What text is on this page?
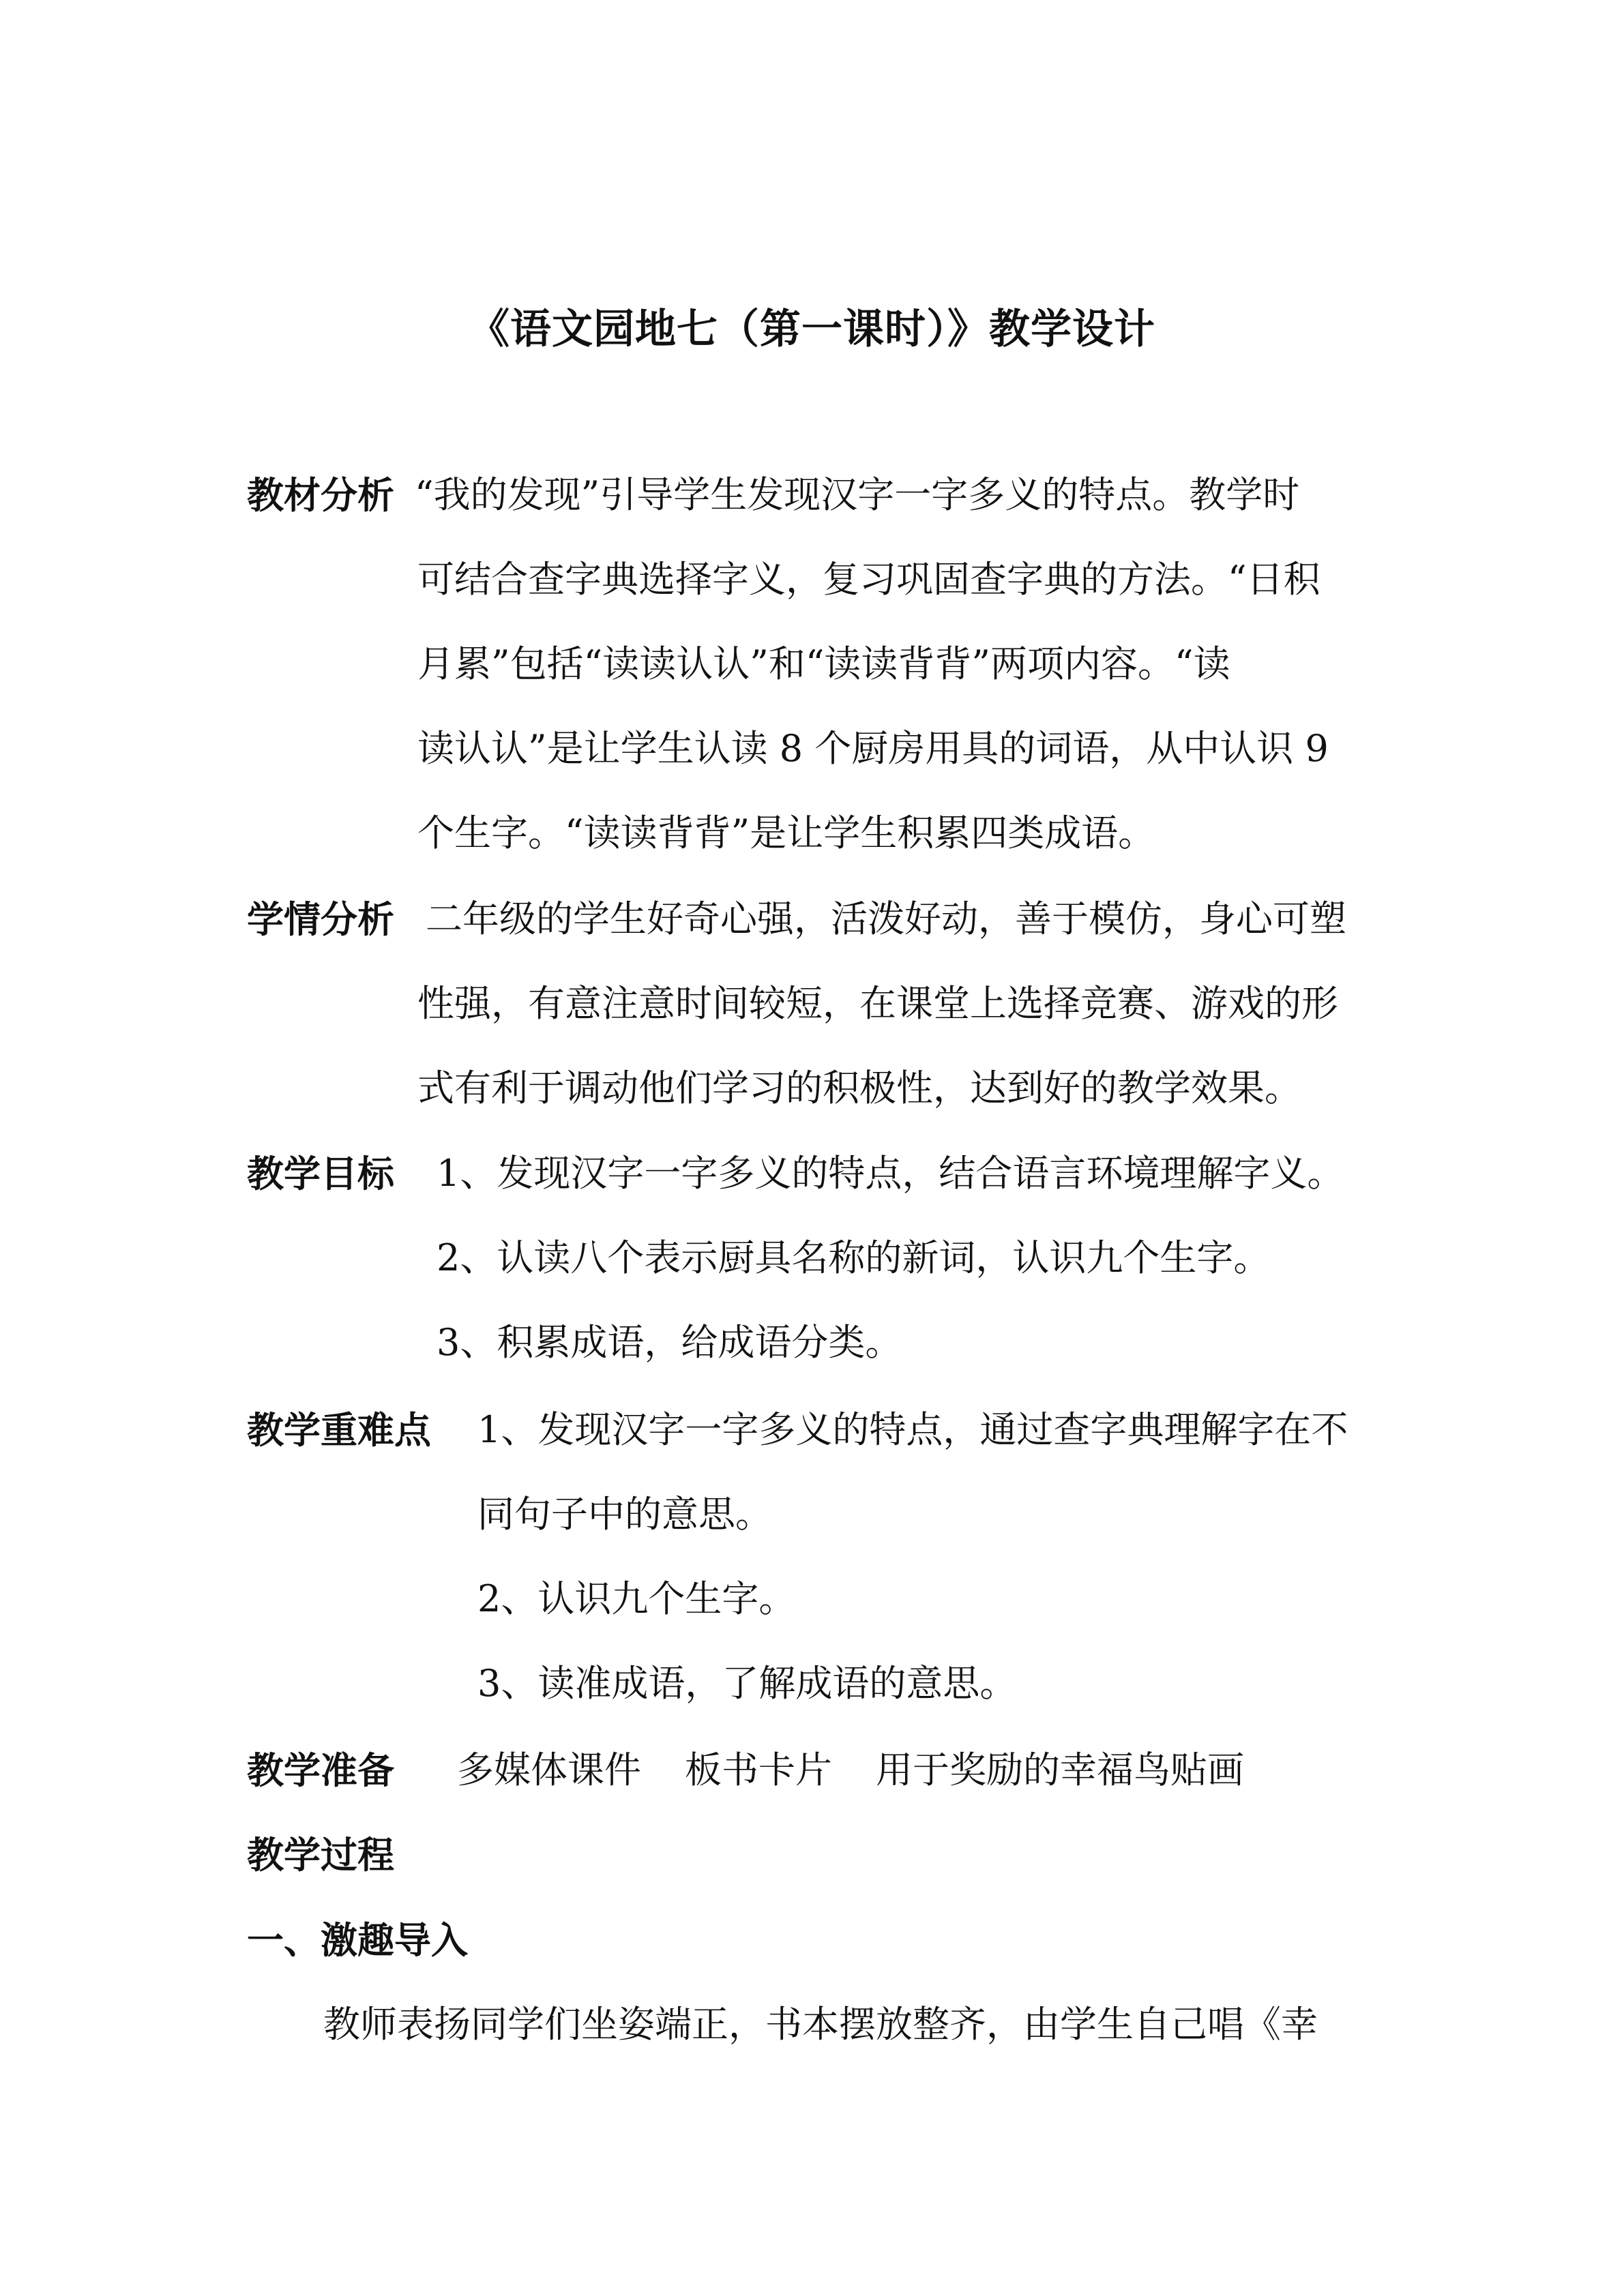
《语文园地七（第一课时）》教学设计
教材分析 “我的发现”引导学生发现汉字一字多义的特点。教学时
可结合查字典选择字义，复习巩固查字典的方法。“日积
月累”包括“读读认认”和“读读背背”两项内容。“读
读认认”是让学生认读 8 个厨房用具的词语，从中认识 9
个生字。“读读背背”是让学生积累四类成语。
学情分析 二年级的学生好奇心强，活泼好动，善于模仿，身心可塑
性强，有意注意时间较短，在课堂上选择竞赛、游戏的形
式有利于调动他们学习的积极性，达到好的教学效果。
教学目标 1、发现汉字一字多义的特点，结合语言环境理解字义。
2、认读八个表示厨具名称的新词，认识九个生字。
3、积累成语，给成语分类。
教学重难点 1、发现汉字一字多义的特点，通过查字典理解字在不
同句子中的意思。
2、认识九个生字。
3、读准成语，了解成语的意思。
教学准备 多媒体课件 板书卡片 用于奖励的幸福鸟贴画
教学过程
一、激趣导入
教师表扬同学们坐姿端正，书本摆放整齐，由学生自己唱《幸
